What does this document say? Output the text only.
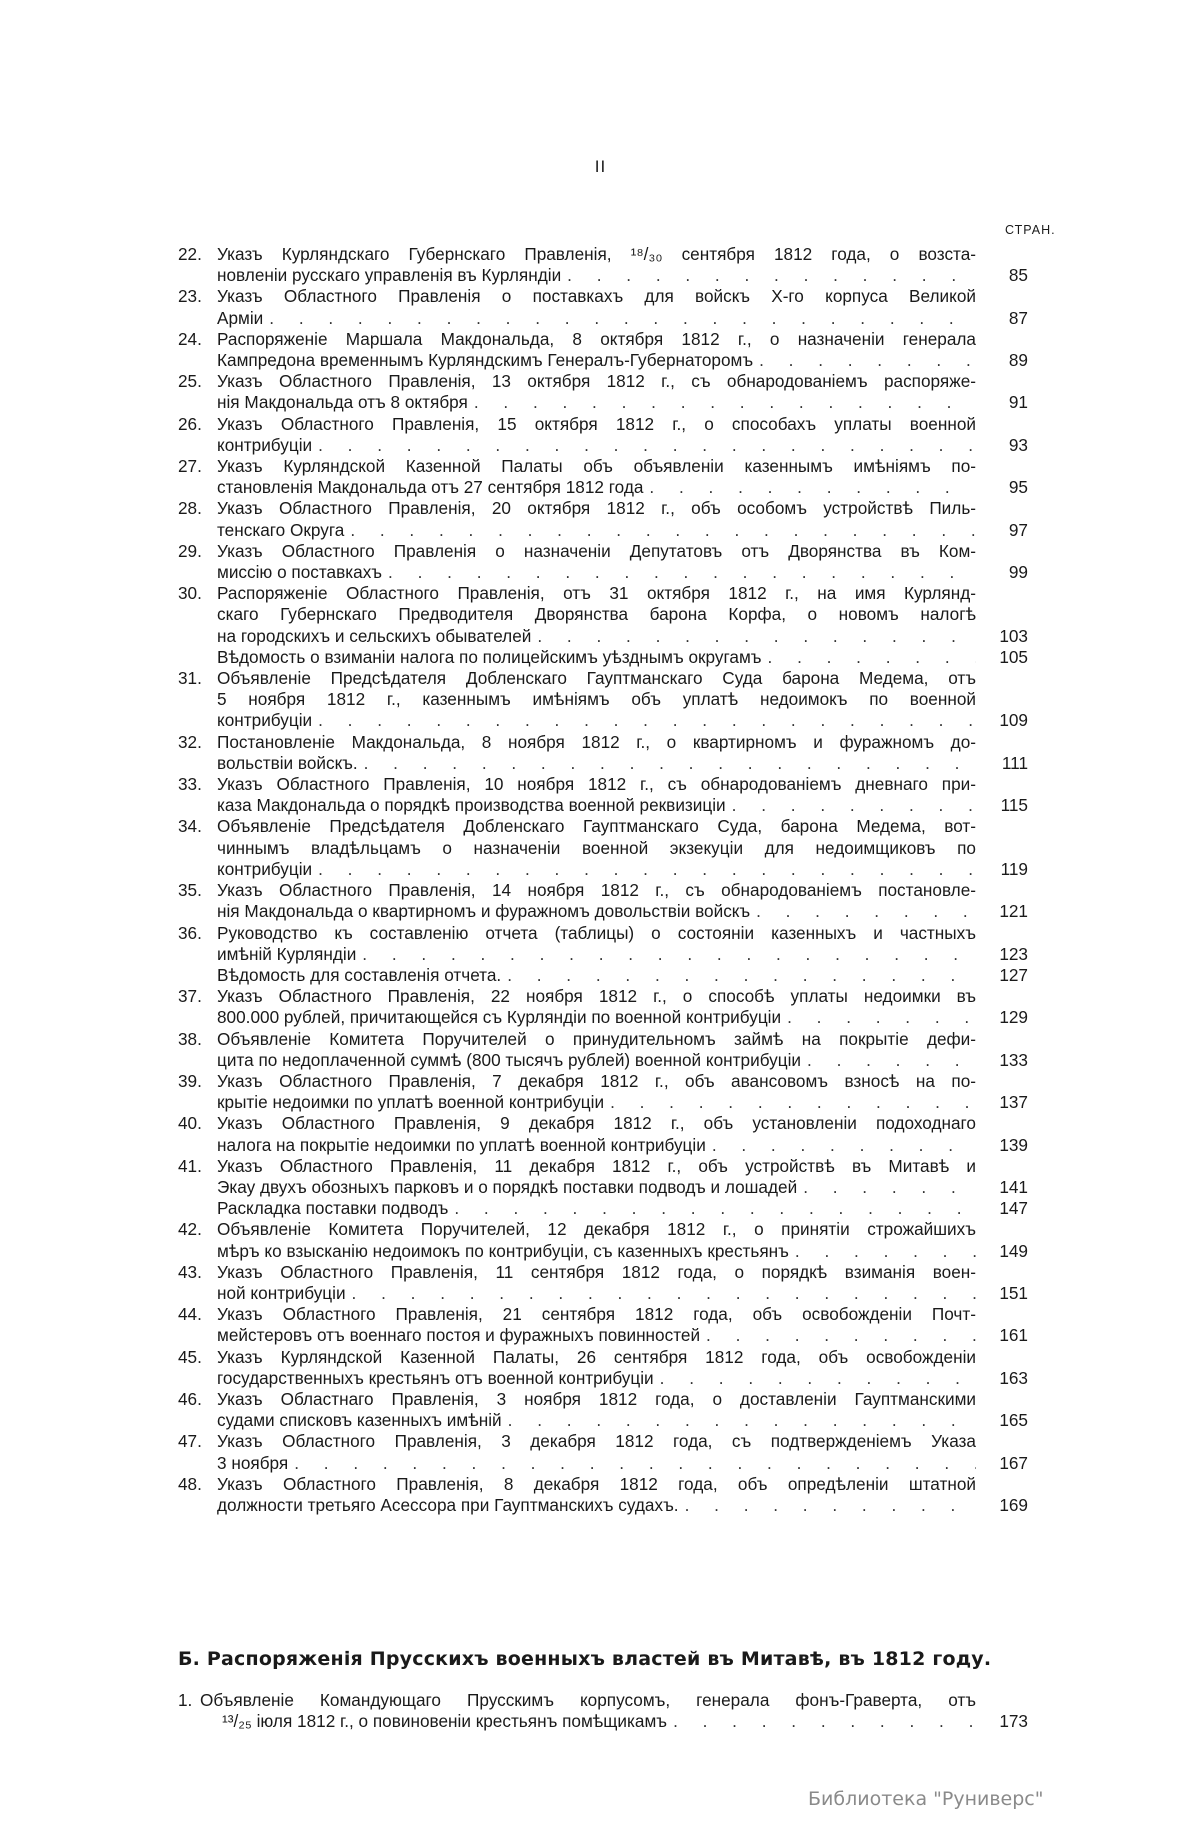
II
СТРАН.
22. Указъ Курляндскаго Губернскаго Правленія, ¹⁸/₃₀ сентября 1812 года, о возста-
новленіи русскаго управленія въ Курляндіи . . .	85
23. Указъ Областного Правленія о поставкахъ для войскъ Х-го корпуса Великой
Арміи . . .	87
24. Распоряженіе Маршала Макдональда, 8 октября 1812 г., о назначеніи генерала
Кампредона временнымъ Курляндскимъ Генералъ-Губернаторомъ . . .	89
25. Указъ Областного Правленія, 13 октября 1812 г., съ обнародованіемъ распоряже-
нія Макдональда отъ 8 октября . . .	91
26. Указъ Областного Правленія, 15 октября 1812 г., о способахъ уплаты военной
контрибуціи . . .	93
27. Указъ Курляндской Казенной Палаты объ объявленіи казеннымъ имѣніямъ по-
становленія Макдональда отъ 27 сентября 1812 года . . .	95
28. Указъ Областного Правленія, 20 октября 1812 г., объ особомъ устройствѣ Пиль-
тенскаго Округа . . .	97
29. Указъ Областного Правленія о назначеніи Депутатовъ отъ Дворянства въ Ком-
миссію о поставкахъ . . .	99
30. Распоряженіе Областного Правленія, отъ 31 октября 1812 г., на имя Курлянд-
скаго Губернскаго Предводителя Дворянства барона Корфа, о новомъ налогѣ
на городскихъ и сельскихъ обывателей . . .	103
Вѣдомость о взиманіи налога по полицейскимъ уѣзднымъ округамъ . . .	105
31. Объявленіе Предсѣдателя Добленскаго Гауптманскаго Суда барона Медема, отъ
5 ноября 1812 г., казеннымъ имѣніямъ объ уплатѣ недоимокъ по военной
контрибуціи . . .	109
32. Постановленіе Макдональда, 8 ноября 1812 г., о квартирномъ и фуражномъ до-
вольствіи войскъ. . . .	111
33. Указъ Областного Правленія, 10 ноября 1812 г., съ обнародованіемъ дневнаго при-
каза Макдональда о порядкѣ производства военной реквизиціи . . .	115
34. Объявленіе Предсѣдателя Добленскаго Гауптманскаго Суда, барона Медема, вот-
чиннымъ владѣльцамъ о назначеніи военной экзекуціи для недоимщиковъ по
контрибуціи . . .	119
35. Указъ Областного Правленія, 14 ноября 1812 г., съ обнародованіемъ постановле-
нія Макдональда о квартирномъ и фуражномъ довольствіи войскъ . . .	121
36. Руководство къ составленію отчета (таблицы) о состояніи казенныхъ и частныхъ
имѣній Курляндіи . . .	123
Вѣдомость для составленія отчета. . . .	127
37. Указъ Областного Правленія, 22 ноября 1812 г., о способѣ уплаты недоимки въ
800.000 рублей, причитающейся съ Курляндіи по военной контрибуціи . . .	129
38. Объявленіе Комитета Поручителей о принудительномъ займѣ на покрытіе дефи-
цита по недоплаченной суммѣ (800 тысячъ рублей) военной контрибуціи . . .	133
39. Указъ Областного Правленія, 7 декабря 1812 г., объ авансовомъ взносѣ на по-
крытіе недоимки по уплатѣ военной контрибуціи . . .	137
40. Указъ Областного Правленія, 9 декабря 1812 г., объ установленіи подоходнаго
налога на покрытіе недоимки по уплатѣ военной контрибуціи . . .	139
41. Указъ Областного Правленія, 11 декабря 1812 г., объ устройствѣ въ Митавѣ и
Экау двухъ обозныхъ парковъ и о порядкѣ поставки подводъ и лошадей . . .	141
Раскладка поставки подводъ . . .	147
42. Объявленіе Комитета Поручителей, 12 декабря 1812 г., о принятіи строжайшихъ
мѣръ ко взысканію недоимокъ по контрибуціи, съ казенныхъ крестьянъ . . .	149
43. Указъ Областного Правленія, 11 сентября 1812 года, о порядкѣ взиманія воен-
ной контрибуціи . . .	151
44. Указъ Областного Правленія, 21 сентября 1812 года, объ освобожденіи Почт-
мейстеровъ отъ военнаго постоя и фуражныхъ повинностей . . .	161
45. Указъ Курляндской Казенной Палаты, 26 сентября 1812 года, объ освобожденіи
государственныхъ крестьянъ отъ военной контрибуціи . . .	163
46. Указъ Областнаго Правленія, 3 ноября 1812 года, о доставленіи Гауптманскими
судами списковъ казенныхъ имѣній . . .	165
47. Указъ Областного Правленія, 3 декабря 1812 года, съ подтвержденіемъ Указа
3 ноября . . .	167
48. Указъ Областного Правленія, 8 декабря 1812 года, объ опредѣленіи штатной
должности третьяго Асессора при Гауптманскихъ судахъ. . . .	169
Б. Распоряженія Прусскихъ военныхъ властей въ Митавѣ, въ 1812 году.
1. Объявленіе Командующаго Прусскимъ корпусомъ, генерала фонъ-Граверта, отъ
¹³/₂₅ іюля 1812 г., о повиновеніи крестьянъ помѣщикамъ . . .	173
Библиотека "Руниверс"
